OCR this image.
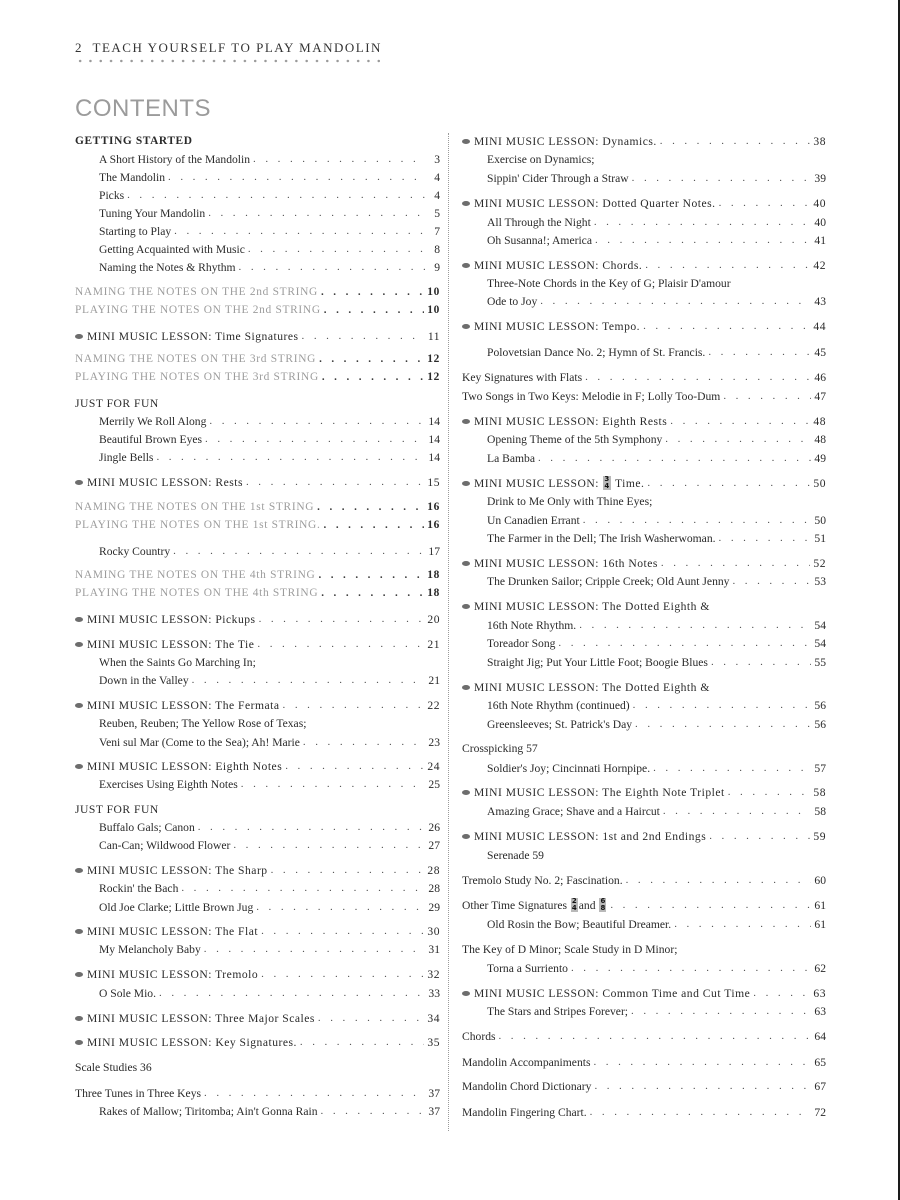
2 TEACH YOURSELF TO PLAY MANDOLIN
CONTENTS
GETTING STARTED
A Short History of the Mandolin . . .	3
The Mandolin . . .	4
Picks . . .	4
Tuning Your Mandolin . . .	5
Starting to Play . . .	7
Getting Acquainted with Music . . .	8
Naming the Notes & Rhythm . . .	9
NAMING THE NOTES ON THE 2nd STRING . . .	10
PLAYING THE NOTES ON THE 2nd STRING . . .	10
MINI MUSIC LESSON: Time Signatures . . .	11
NAMING THE NOTES ON THE 3rd STRING . . .	12
PLAYING THE NOTES ON THE 3rd STRING . . .	12
JUST FOR FUN
Merrily We Roll Along . . .	14
Beautiful Brown Eyes . . .	14
Jingle Bells . . .	14
MINI MUSIC LESSON: Rests . . .	15
NAMING THE NOTES ON THE 1st STRING . . .	16
PLAYING THE NOTES ON THE 1st STRING. . . .	16
Rocky Country . . .	17
NAMING THE NOTES ON THE 4th STRING . . .	18
PLAYING THE NOTES ON THE 4th STRING . . .	18
MINI MUSIC LESSON: Pickups . . .	20
MINI MUSIC LESSON: The Tie . . .	21
When the Saints Go Marching In;
Down in the Valley . . .	21
MINI MUSIC LESSON: The Fermata . . .	22
Reuben, Reuben; The Yellow Rose of Texas;
Veni sul Mar (Come to the Sea); Ah! Marie . . .	23
MINI MUSIC LESSON: Eighth Notes . . .	24
Exercises Using Eighth Notes . . .	25
JUST FOR FUN
Buffalo Gals; Canon . . .	26
Can-Can; Wildwood Flower . . .	27
MINI MUSIC LESSON: The Sharp . . .	28
Rockin' the Bach . . .	28
Old Joe Clarke; Little Brown Jug . . .	29
MINI MUSIC LESSON: The Flat . . .	30
My Melancholy Baby . . .	31
MINI MUSIC LESSON: Tremolo . . .	32
O Sole Mio. . . .	33
MINI MUSIC LESSON: Three Major Scales . . .	34
MINI MUSIC LESSON: Key Signatures. . . .	35
Scale Studies 36
Three Tunes in Three Keys . . .	37
Rakes of Mallow; Tiritomba; Ain't Gonna Rain . . .	37
MINI MUSIC LESSON: Dynamics. . . .	38
Exercise on Dynamics;
Sippin' Cider Through a Straw . . .	39
MINI MUSIC LESSON: Dotted Quarter Notes. . . .	40
All Through the Night . . .	40
Oh Susanna!; America . . .	41
MINI MUSIC LESSON: Chords. . . .	42
Three-Note Chords in the Key of G; Plaisir D'amour
Ode to Joy . . .	43
MINI MUSIC LESSON: Tempo. . . .	44
Polovetsian Dance No. 2; Hymn of St. Francis. . . .	45
Key Signatures with Flats . . .	46
Two Songs in Two Keys: Melodie in F; Lolly Too-Dum . . .	47
MINI MUSIC LESSON: Eighth Rests . . .	48
Opening Theme of the 5th Symphony . . .	48
La Bamba . . .	49
MINI MUSIC LESSON: 3
4 Time. . . .	50
Drink to Me Only with Thine Eyes;
Un Canadien Errant . . .	50
The Farmer in the Dell; The Irish Washerwoman. . . .	51
MINI MUSIC LESSON: 16th Notes . . .	52
The Drunken Sailor; Cripple Creek; Old Aunt Jenny . . .	53
MINI MUSIC LESSON: The Dotted Eighth &
16th Note Rhythm. . . .	54
Toreador Song . . .	54
Straight Jig; Put Your Little Foot; Boogie Blues . . .	55
MINI MUSIC LESSON: The Dotted Eighth &
16th Note Rhythm (continued) . . .	56
Greensleeves; St. Patrick's Day . . .	56
Crosspicking 57
Soldier's Joy; Cincinnati Hornpipe. . . .	57
MINI MUSIC LESSON: The Eighth Note Triplet . . .	58
Amazing Grace; Shave and a Haircut . . .	58
MINI MUSIC LESSON: 1st and 2nd Endings . . .	59
Serenade 59
Tremolo Study No. 2; Fascination. . . .	60
Other Time Signatures 2
4 and 6
8 . . .	61
Old Rosin the Bow; Beautiful Dreamer. . . .	61
The Key of D Minor; Scale Study in D Minor;
Torna a Surriento . . .	62
MINI MUSIC LESSON: Common Time and Cut Time . . .	63
The Stars and Stripes Forever; . . .	63
Chords . . .	64
Mandolin Accompaniments . . .	65
Mandolin Chord Dictionary . . .	67
Mandolin Fingering Chart. . . .	72
